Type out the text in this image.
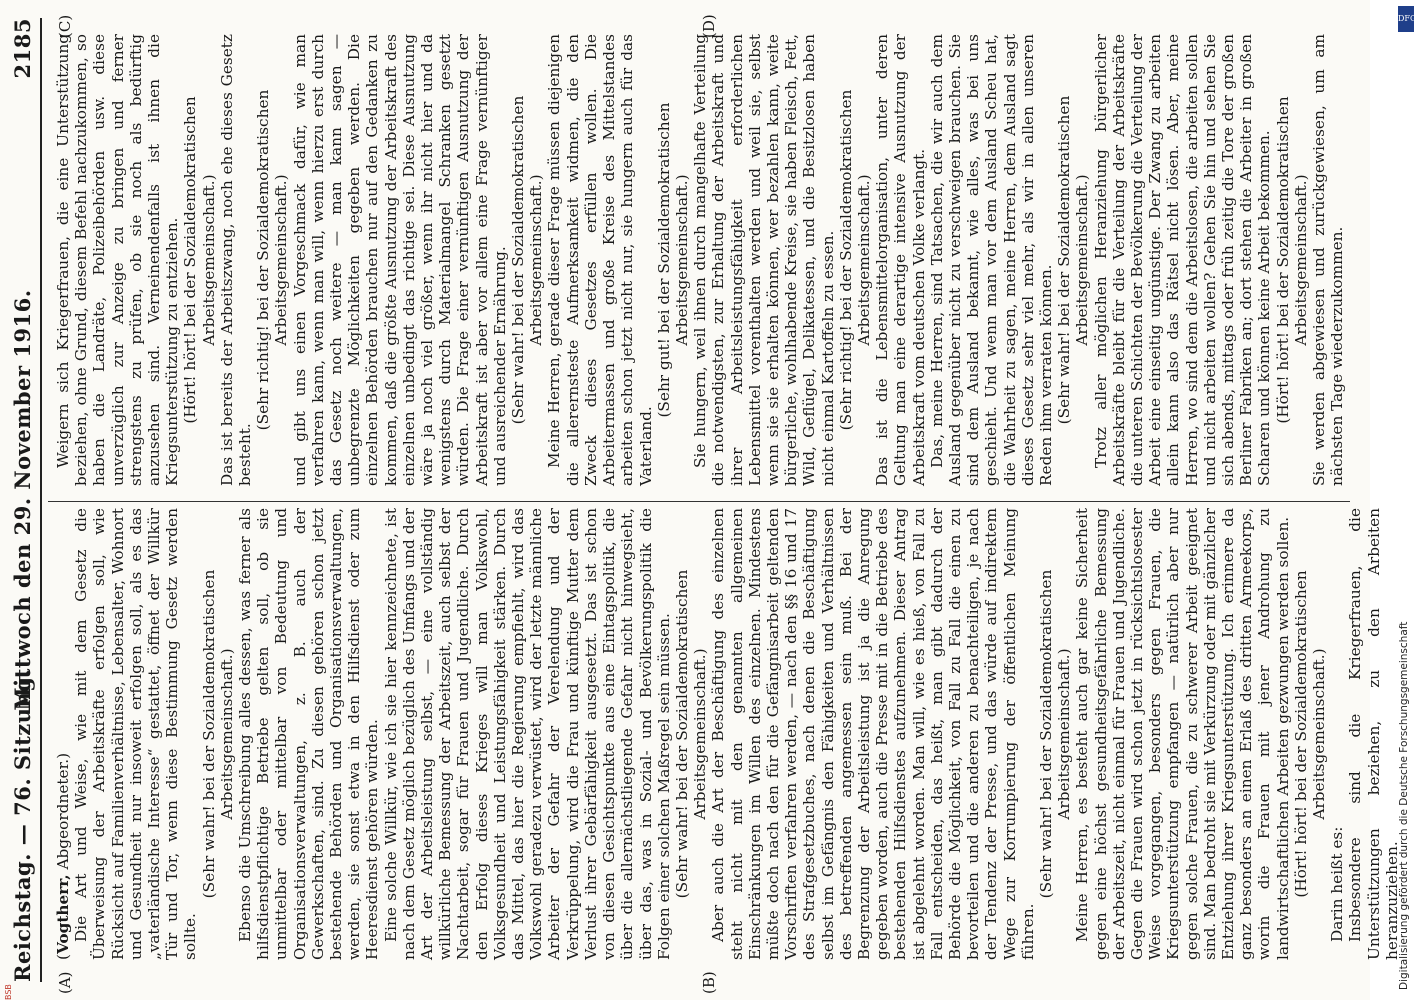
Reichstag. — 76. Sitzung.
Mittwoch den 29. November 1916.
2185
(A)	(B)
(C)	(D)

(Vogtherr, Abgeordneter.) Die Art und Weise, wie mit dem Gesetz die Überweisung der Arbeitskräfte erfolgen soll, wie Rücksicht auf Familienverhältnisse, Lebensalter, Wohnort und Gesundheit nur insoweit erfolgen soll, als es das „vaterländische Interesse“ gestattet, öffnet der Willkür Tür und Tor, wenn diese Bestimmung Gesetz werden sollte.

(Sehr wahr! bei der Sozialdemokratischen Arbeitsgemeinschaft.) Ebenso die Umschreibung alles dessen, was ferner als hilfsdienstpflichtige Betriebe gelten soll, ob sie unmittelbar oder mittelbar von Bedeutung und Organisationsverwaltungen, z. B. auch der Gewerkschaften, sind. Zu diesen gehören schon jetzt bestehende Behörden und Organisationsverwaltungen, werden, sie sonst etwa in den Hilfsdienst oder zum Heeresdienst gehören würden. Eine solche Willkür, wie ich sie hier kennzeichnete, ist nach dem Gesetz möglich bezüglich des Umfangs und der Art der Arbeitsleistung selbst, — eine vollständig willkürliche Bemessung der Arbeitszeit, auch selbst der Nachtarbeit, sogar für Frauen und Jugendliche. Durch den Erfolg dieses Krieges will man Volkswohl, Volksgesundheit und Leistungsfähigkeit stärken. Durch das Mittel, das hier die Regierung empfiehlt, wird das Volkswohl geradezu verwüstet, wird der letzte männliche Arbeiter der Gefahr der Verelendung und der Verkrüppelung, wird die Frau und künftige Mutter dem Verlust ihrer Gebärfähigkeit ausgesetzt. Das ist schon von diesen Gesichtspunkte aus eine Eintagspolitik, die über die allernächstliegende Gefahr nicht hinwegsieht, über das, was in Sozial- und Bevölkerungspolitik die Folgen einer solchen Maßregel sein müssen. (Sehr wahr! bei der Sozialdemokratischen Arbeitsgemeinschaft.) Aber auch die Art der Beschäftigung des einzelnen steht nicht mit den genannten allgemeinen Einschränkungen im Willen des einzelnen. Mindestens müßte doch nach den für die Gefängnisarbeit geltenden Vorschriften verfahren werden, — nach den §§ 16 und 17 des Strafgesetzbuches, nach denen die Beschäftigung selbst im Gefängnis den Fähigkeiten und Verhältnissen des betreffenden angemessen sein muß. Bei der Begrenzung der Arbeitsleistung ist ja die Anregung gegeben worden, auch die Presse mit in die Betriebe des bestehenden Hilfsdienstes aufzunehmen. Dieser Antrag ist abgelehnt worden. Man will, wie es hieß, von Fall zu Fall entscheiden, das heißt, man gibt dadurch der Behörde die Möglichkeit, von Fall zu Fall die einen zu bevorteilen und die anderen zu benachteiligen, je nach der Tendenz der Presse, und das würde auf indirektem Wege zur Korrumpierung der öffentlichen Meinung führen.

(Sehr wahr! bei der Sozialdemokratischen Arbeitsgemeinschaft.) Meine Herren, es besteht auch gar keine Sicherheit gegen eine höchst gesundheitsgefährliche Bemessung der Arbeitszeit, nicht einmal für Frauen und Jugendliche. Gegen die Frauen wird schon jetzt in rücksichtslosester Weise vorgegangen, besonders gegen Frauen, die Kriegsunterstützung empfangen — natürlich aber nur gegen solche Frauen, die zu schwerer Arbeit geeignet sind. Man bedroht sie mit Verkürzung oder mit gänzlicher Entziehung ihrer Kriegsunterstützung. Ich erinnere da ganz besonders an einen Erlaß des dritten Armeekorps, worin die Frauen mit jener Androhung zu landwirtschaftlichen Arbeiten gezwungen werden sollen. (Hört! hört! bei der Sozialdemokratischen Arbeitsgemeinschaft.)

Darin heißt es: Insbesondere sind die Kriegerfrauen, die Unterstützungen beziehen, zu den Arbeiten heranzuziehen.

Weigern sich Kriegerfrauen, die eine Unterstützung beziehen, ohne Grund, diesem Befehl nachzukommen, so haben die Landräte, Polizeibehörden usw. diese unverzüglich zur Anzeige zu bringen und ferner strengstens zu prüfen, ob sie noch als bedürftig anzusehen sind. Verneinendenfalls ist ihnen die Kriegsunterstützung zu entziehen. (Hört! hört! bei der Sozialdemokratischen Arbeitsgemeinschaft.) Das ist bereits der Arbeitszwang, noch ehe dieses Gesetz besteht.

(Sehr richtig! bei der Sozialdemokratischen Arbeitsgemeinschaft.) und gibt uns einen Vorgeschmack dafür, wie man verfahren kann, wenn man will, wenn hierzu erst durch das Gesetz noch weitere — man kann sagen — unbegrenzte Möglichkeiten gegeben werden. Die einzelnen Behörden brauchen nur auf den Gedanken zu kommen, daß die größte Ausnutzung der Arbeitskraft des einzelnen unbedingt das richtige sei. Diese Ausnutzung wäre ja noch viel größer, wenn ihr nicht hier und da wenigstens durch Materialmangel Schranken gesetzt würden. Die Frage einer vernünftigen Ausnutzung der Arbeitskraft ist aber vor allem eine Frage vernünftiger und ausreichender Ernährung. (Sehr wahr! bei der Sozialdemokratischen Arbeitsgemeinschaft.) Meine Herren, gerade dieser Frage müssen diejenigen die allerernsteste Aufmerksamkeit widmen, die den Zweck dieses Gesetzes erfüllen wollen. Die Arbeitermassen und große Kreise des Mittelstandes arbeiten schon jetzt nicht nur, sie hungern auch für das Vaterland.

(Sehr gut! bei der Sozialdemokratischen Arbeitsgemeinschaft.) Sie hungern, weil ihnen durch mangelhafte Verteilung die notwendigsten, zur Erhaltung der Arbeitskraft und ihrer Arbeitsleistungsfähigkeit erforderlichen Lebensmittel vorenthalten werden und weil sie, selbst wenn sie sie erhalten können, wer bezahlen kann, weite bürgerliche, wohlhabende Kreise, sie haben Fleisch, Fett, Wild, Geflügel, Delikatessen, und die Besitzlosen haben nicht einmal Kartoffeln zu essen. (Sehr richtig! bei der Sozialdemokratischen Arbeitsgemeinschaft.) Das ist die Lebensmittelorganisation, unter deren Geltung man eine derartige intensive Ausnutzung der Arbeitskraft vom deutschen Volke verlangt. Das, meine Herren, sind Tatsachen, die wir auch dem Ausland gegenüber nicht zu verschweigen brauchen. Sie sind dem Ausland bekannt, wie alles, was bei uns geschieht. Und wenn man vor dem Ausland Scheu hat, die Wahrheit zu sagen, meine Herren, dem Ausland sagt dieses Gesetz sehr viel mehr, als wir in allen unseren Reden ihm verraten können. (Sehr wahr! bei der Sozialdemokratischen Arbeitsgemeinschaft.) Trotz aller möglichen Heranziehung bürgerlicher Arbeitskräfte bleibt für die Verteilung der Arbeitskräfte die unteren Schichten der Bevölkerung die Verteilung der Arbeit eine einseitig ungünstige. Der Zwang zu arbeiten allein kann also das Rätsel nicht lösen. Aber, meine Herren, wo sind dem die Arbeitslosen, die arbeiten sollen und nicht arbeiten wollen? Gehen Sie hin und sehen Sie sich abends, mittags oder früh zeitig die Tore der großen Berliner Fabriken an; dort stehen die Arbeiter in großen Scharen und können keine Arbeit bekommen. (Hört! hört! bei der Sozialdemokratischen Arbeitsgemeinschaft.) Sie werden abgewiesen und zurückgewiesen, um am nächsten Tage wiederzukommen.

DFG
Digitalisierung gefördert durch die Deutsche Forschungsgemeinschaft
BSB
